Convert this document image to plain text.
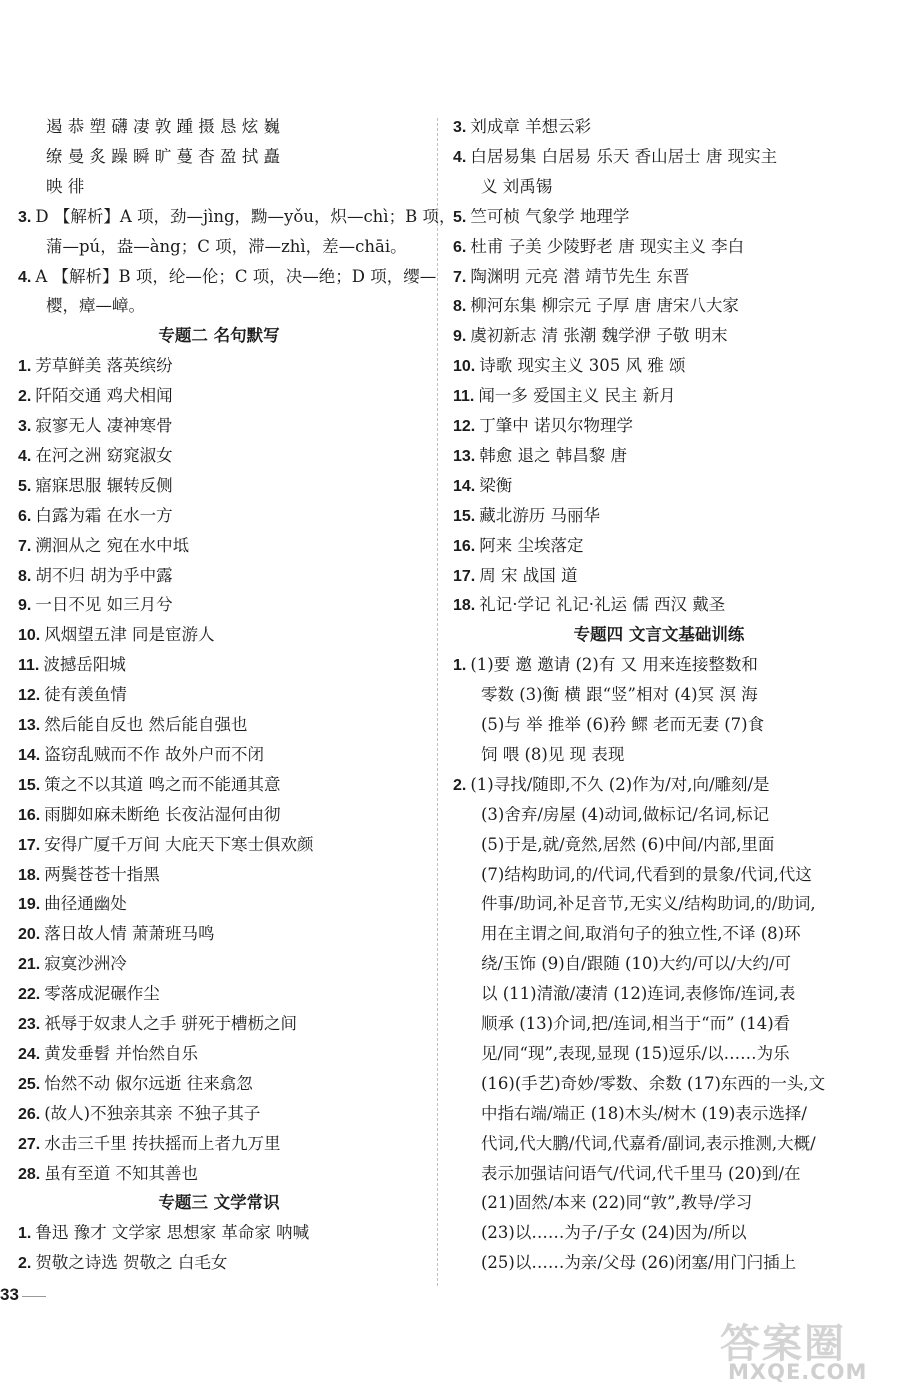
遏 恭 塑 礴 凄 敦 踵 摄 恳 炫 巍
缭 曼 炙 躁 瞬 旷 蔓 杳 盈 拭 矗
映 徘
3. D 【解析】A 项，劲—jìng，黝—yǒu，炽—chì；B 项，
蒲—pú，盎—àng；C 项，滞—zhì，差—chāi。
4. A 【解析】B 项，纶—伦；C 项，决—绝；D 项，缨—
樱，瘴—嶂。
专题二 名句默写
1. 芳草鲜美 落英缤纷
2. 阡陌交通 鸡犬相闻
3. 寂寥无人 凄神寒骨
4. 在河之洲 窈窕淑女
5. 寤寐思服 辗转反侧
6. 白露为霜 在水一方
7. 溯洄从之 宛在水中坻
8. 胡不归 胡为乎中露
9. 一日不见 如三月兮
10. 风烟望五津 同是宦游人
11. 波撼岳阳城
12. 徒有羡鱼情
13. 然后能自反也 然后能自强也
14. 盗窃乱贼而不作 故外户而不闭
15. 策之不以其道 鸣之而不能通其意
16. 雨脚如麻未断绝 长夜沾湿何由彻
17. 安得广厦千万间 大庇天下寒士俱欢颜
18. 两鬓苍苍十指黑
19. 曲径通幽处
20. 落日故人情 萧萧班马鸣
21. 寂寞沙洲冷
22. 零落成泥碾作尘
23. 祇辱于奴隶人之手 骈死于槽枥之间
24. 黄发垂髫 并怡然自乐
25. 怡然不动 俶尔远逝 往来翕忽
26. (故人)不独亲其亲 不独子其子
27. 水击三千里 抟扶摇而上者九万里
28. 虽有至道 不知其善也
专题三 文学常识
1. 鲁迅 豫才 文学家 思想家 革命家 呐喊
2. 贺敬之诗选 贺敬之 白毛女
3. 刘成章 羊想云彩
4. 白居易集 白居易 乐天 香山居士 唐 现实主
义 刘禹锡
5. 竺可桢 气象学 地理学
6. 杜甫 子美 少陵野老 唐 现实主义 李白
7. 陶渊明 元亮 潜 靖节先生 东晋
8. 柳河东集 柳宗元 子厚 唐 唐宋八大家
9. 虞初新志 清 张潮 魏学洢 子敬 明末
10. 诗歌 现实主义 305 风 雅 颂
11. 闻一多 爱国主义 民主 新月
12. 丁肇中 诺贝尔物理学
13. 韩愈 退之 韩昌黎 唐
14. 梁衡
15. 藏北游历 马丽华
16. 阿来 尘埃落定
17. 周 宋 战国 道
18. 礼记·学记 礼记·礼运 儒 西汉 戴圣
专题四 文言文基础训练
1. (1)要 邀 邀请 (2)有 又 用来连接整数和
零数 (3)衡 横 跟“竖”相对 (4)冥 溟 海
(5)与 举 推举 (6)矜 鳏 老而无妻 (7)食
饲 喂 (8)见 现 表现
2. (1)寻找/随即,不久 (2)作为/对,向/雕刻/是
(3)舍弃/房屋 (4)动词,做标记/名词,标记
(5)于是,就/竟然,居然 (6)中间/内部,里面
(7)结构助词,的/代词,代看到的景象/代词,代这
件事/助词,补足音节,无实义/结构助词,的/助词,
用在主谓之间,取消句子的独立性,不译 (8)环
绕/玉饰 (9)自/跟随 (10)大约/可以/大约/可
以 (11)清澈/凄清 (12)连词,表修饰/连词,表
顺承 (13)介词,把/连词,相当于“而” (14)看
见/同“现”,表现,显现 (15)逗乐/以……为乐
(16)(手艺)奇妙/零数、余数 (17)东西的一头,文
中指右端/端正 (18)木头/树木 (19)表示选择/
代词,代大鹏/代词,代嘉肴/副词,表示推测,大概/
表示加强诘问语气/代词,代千里马 (20)到/在
(21)固然/本来 (22)同“敦”,教导/学习
(23)以……为子/子女 (24)因为/所以
(25)以……为亲/父母 (26)闭塞/用门闩插上
33
答案圈
MXQE.COM
